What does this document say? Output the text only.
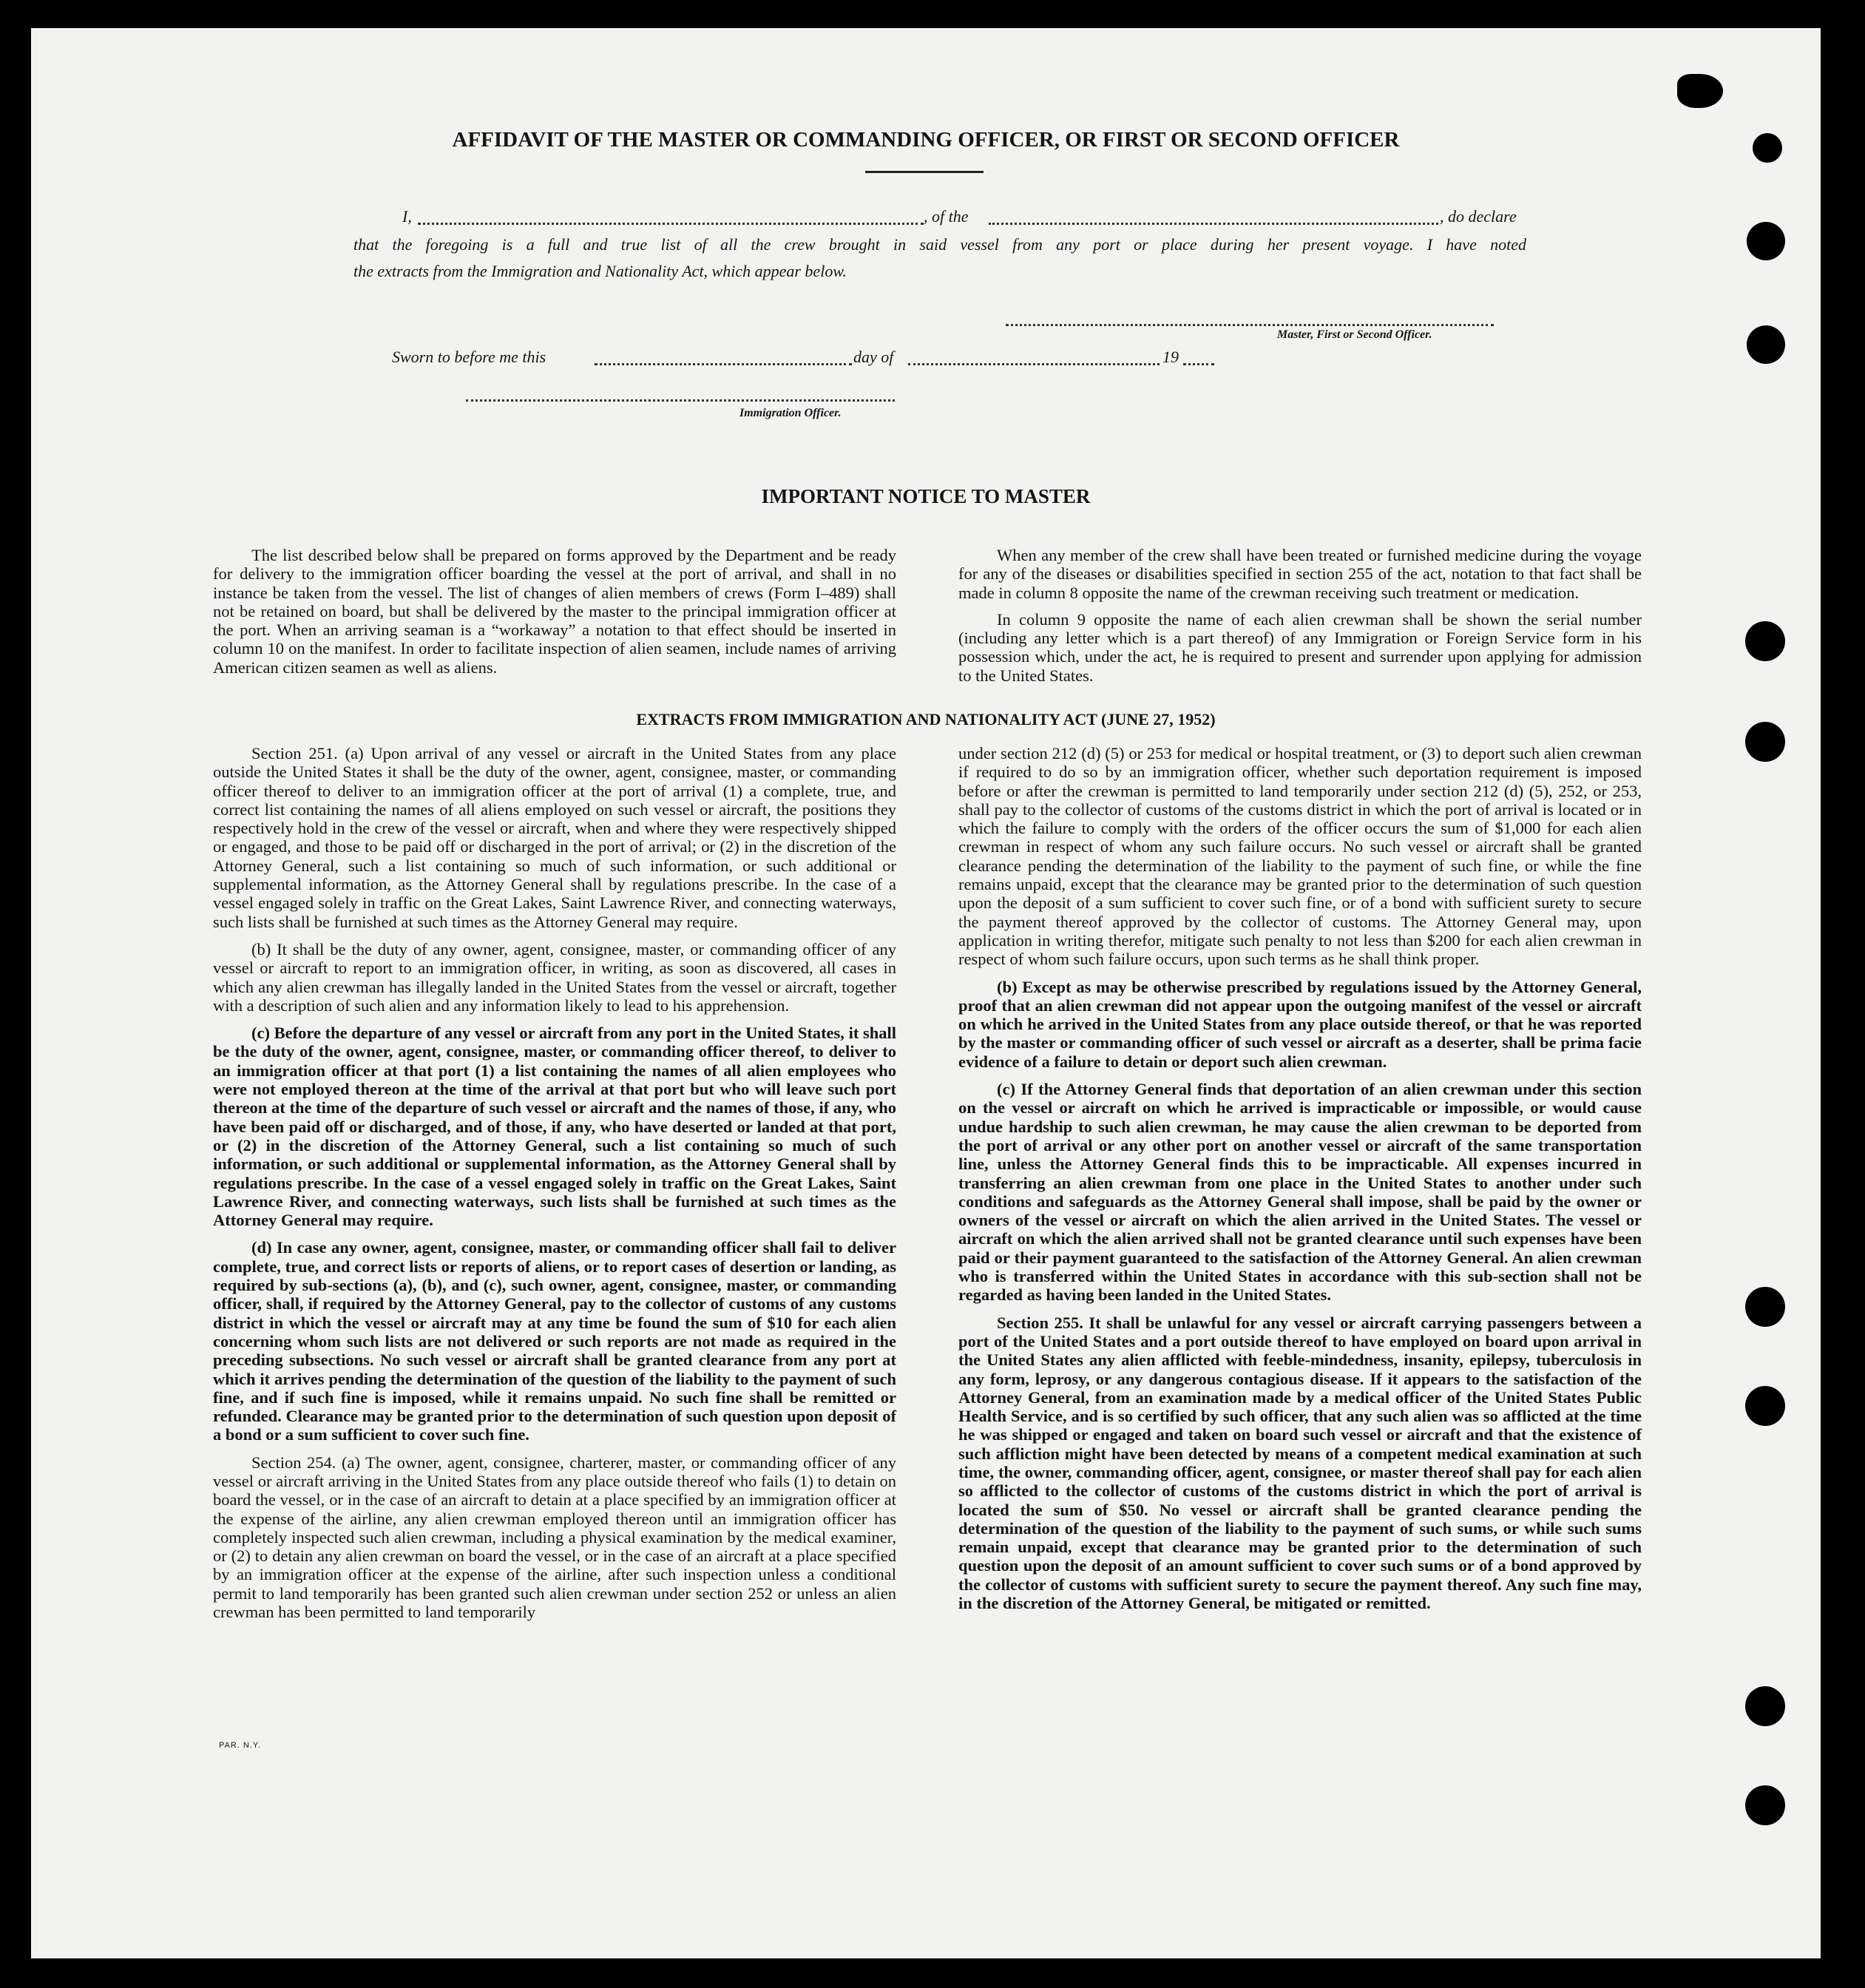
AFFIDAVIT OF THE MASTER OR COMMANDING OFFICER, OR FIRST OR SECOND OFFICER
I,	, of the	, do declare
that the foregoing is a full and true list of all the crew brought in said vessel from any port or place during her present voyage. I have noted
the extracts from the Immigration and Nationality Act, which appear below.
Master, First or Second Officer.
Sworn to before me this	day of	19
Immigration Officer.
IMPORTANT NOTICE TO MASTER

The list described below shall be prepared on forms approved by the Department and be ready for delivery to the immigration officer boarding the vessel at the port of arrival, and shall in no instance be taken from the vessel. The list of changes of alien members of crews (Form I–489) shall not be retained on board, but shall be delivered by the master to the principal immigration officer at the port. When an arriving seaman is a “workaway” a notation to that effect should be inserted in column 10 on the manifest. In order to facilitate inspection of alien seamen, include names of arriving American citizen seamen as well as aliens.

When any member of the crew shall have been treated or furnished medicine during the voyage for any of the diseases or disabilities specified in section 255 of the act, notation to that fact shall be made in column 8 opposite the name of the crewman receiving such treatment or medication.

In column 9 opposite the name of each alien crewman shall be shown the serial number (including any letter which is a part thereof) of any Immigration or Foreign Service form in his possession which, under the act, he is required to present and surrender upon applying for admission to the United States.

EXTRACTS FROM IMMIGRATION AND NATIONALITY ACT (JUNE 27, 1952)

Section 251. (a) Upon arrival of any vessel or aircraft in the United States from any place outside the United States it shall be the duty of the owner, agent, consignee, master, or commanding officer thereof to deliver to an immigration officer at the port of arrival (1) a complete, true, and correct list containing the names of all aliens employed on such vessel or aircraft, the positions they respectively hold in the crew of the vessel or aircraft, when and where they were respectively shipped or engaged, and those to be paid off or discharged in the port of arrival; or (2) in the discretion of the Attorney General, such a list containing so much of such information, or such additional or supplemental information, as the Attorney General shall by regulations prescribe. In the case of a vessel engaged solely in traffic on the Great Lakes, Saint Lawrence River, and connecting waterways, such lists shall be furnished at such times as the Attorney General may require.

(b) It shall be the duty of any owner, agent, consignee, master, or commanding officer of any vessel or aircraft to report to an immigration officer, in writing, as soon as discovered, all cases in which any alien crewman has illegally landed in the United States from the vessel or aircraft, together with a description of such alien and any information likely to lead to his apprehension.

(c) Before the departure of any vessel or aircraft from any port in the United States, it shall be the duty of the owner, agent, consignee, master, or commanding officer thereof, to deliver to an immigration officer at that port (1) a list containing the names of all alien employees who were not employed thereon at the time of the arrival at that port but who will leave such port thereon at the time of the departure of such vessel or aircraft and the names of those, if any, who have been paid off or discharged, and of those, if any, who have deserted or landed at that port, or (2) in the discretion of the Attorney General, such a list containing so much of such information, or such additional or supplemental information, as the Attorney General shall by regulations prescribe. In the case of a vessel engaged solely in traffic on the Great Lakes, Saint Lawrence River, and connecting waterways, such lists shall be furnished at such times as the Attorney General may require.

(d) In case any owner, agent, consignee, master, or commanding officer shall fail to deliver complete, true, and correct lists or reports of aliens, or to report cases of desertion or landing, as required by sub-sections (a), (b), and (c), such owner, agent, consignee, master, or commanding officer, shall, if required by the Attorney General, pay to the collector of customs of any customs district in which the vessel or aircraft may at any time be found the sum of $10 for each alien concerning whom such lists are not delivered or such reports are not made as required in the preceding subsections. No such vessel or aircraft shall be granted clearance from any port at which it arrives pending the determination of the question of the liability to the payment of such fine, and if such fine is imposed, while it remains unpaid. No such fine shall be remitted or refunded. Clearance may be granted prior to the determination of such question upon deposit of a bond or a sum sufficient to cover such fine.

Section 254. (a) The owner, agent, consignee, charterer, master, or commanding officer of any vessel or aircraft arriving in the United States from any place outside thereof who fails (1) to detain on board the vessel, or in the case of an aircraft to detain at a place specified by an immigration officer at the expense of the airline, any alien crewman employed thereon until an immigration officer has completely inspected such alien crewman, including a physical examination by the medical examiner, or (2) to detain any alien crewman on board the vessel, or in the case of an aircraft at a place specified by an immigration officer at the expense of the airline, after such inspection unless a conditional permit to land temporarily has been granted such alien crewman under section 252 or unless an alien crewman has been permitted to land temporarily

under section 212 (d) (5) or 253 for medical or hospital treatment, or (3) to deport such alien crewman if required to do so by an immigration officer, whether such deportation requirement is imposed before or after the crewman is permitted to land temporarily under section 212 (d) (5), 252, or 253, shall pay to the collector of customs of the customs district in which the port of arrival is located or in which the failure to comply with the orders of the officer occurs the sum of $1,000 for each alien crewman in respect of whom any such failure occurs. No such vessel or aircraft shall be granted clearance pending the determination of the liability to the payment of such fine, or while the fine remains unpaid, except that the clearance may be granted prior to the determination of such question upon the deposit of a sum sufficient to cover such fine, or of a bond with sufficient surety to secure the payment thereof approved by the collector of customs. The Attorney General may, upon application in writing therefor, mitigate such penalty to not less than $200 for each alien crewman in respect of whom such failure occurs, upon such terms as he shall think proper.

(b) Except as may be otherwise prescribed by regulations issued by the Attorney General, proof that an alien crewman did not appear upon the outgoing manifest of the vessel or aircraft on which he arrived in the United States from any place outside thereof, or that he was reported by the master or commanding officer of such vessel or aircraft as a deserter, shall be prima facie evidence of a failure to detain or deport such alien crewman.

(c) If the Attorney General finds that deportation of an alien crewman under this section on the vessel or aircraft on which he arrived is impracticable or impossible, or would cause undue hardship to such alien crewman, he may cause the alien crewman to be deported from the port of arrival or any other port on another vessel or aircraft of the same transportation line, unless the Attorney General finds this to be impracticable. All expenses incurred in transferring an alien crewman from one place in the United States to another under such conditions and safeguards as the Attorney General shall impose, shall be paid by the owner or owners of the vessel or aircraft on which the alien arrived in the United States. The vessel or aircraft on which the alien arrived shall not be granted clearance until such expenses have been paid or their payment guaranteed to the satisfaction of the Attorney General. An alien crewman who is transferred within the United States in accordance with this sub-section shall not be regarded as having been landed in the United States.

Section 255. It shall be unlawful for any vessel or aircraft carrying passengers between a port of the United States and a port outside thereof to have employed on board upon arrival in the United States any alien afflicted with feeble-mindedness, insanity, epilepsy, tuberculosis in any form, leprosy, or any dangerous contagious disease. If it appears to the satisfaction of the Attorney General, from an examination made by a medical officer of the United States Public Health Service, and is so certified by such officer, that any such alien was so afflicted at the time he was shipped or engaged and taken on board such vessel or aircraft and that the existence of such affliction might have been detected by means of a competent medical examination at such time, the owner, commanding officer, agent, consignee, or master thereof shall pay for each alien so afflicted to the collector of customs of the customs district in which the port of arrival is located the sum of $50. No vessel or aircraft shall be granted clearance pending the determination of the question of the liability to the payment of such sums, or while such sums remain unpaid, except that clearance may be granted prior to the determination of such question upon the deposit of an amount sufficient to cover such sums or of a bond approved by the collector of customs with sufficient surety to secure the payment thereof. Any such fine may, in the discretion of the Attorney General, be mitigated or remitted.

PAR. N.Y.
